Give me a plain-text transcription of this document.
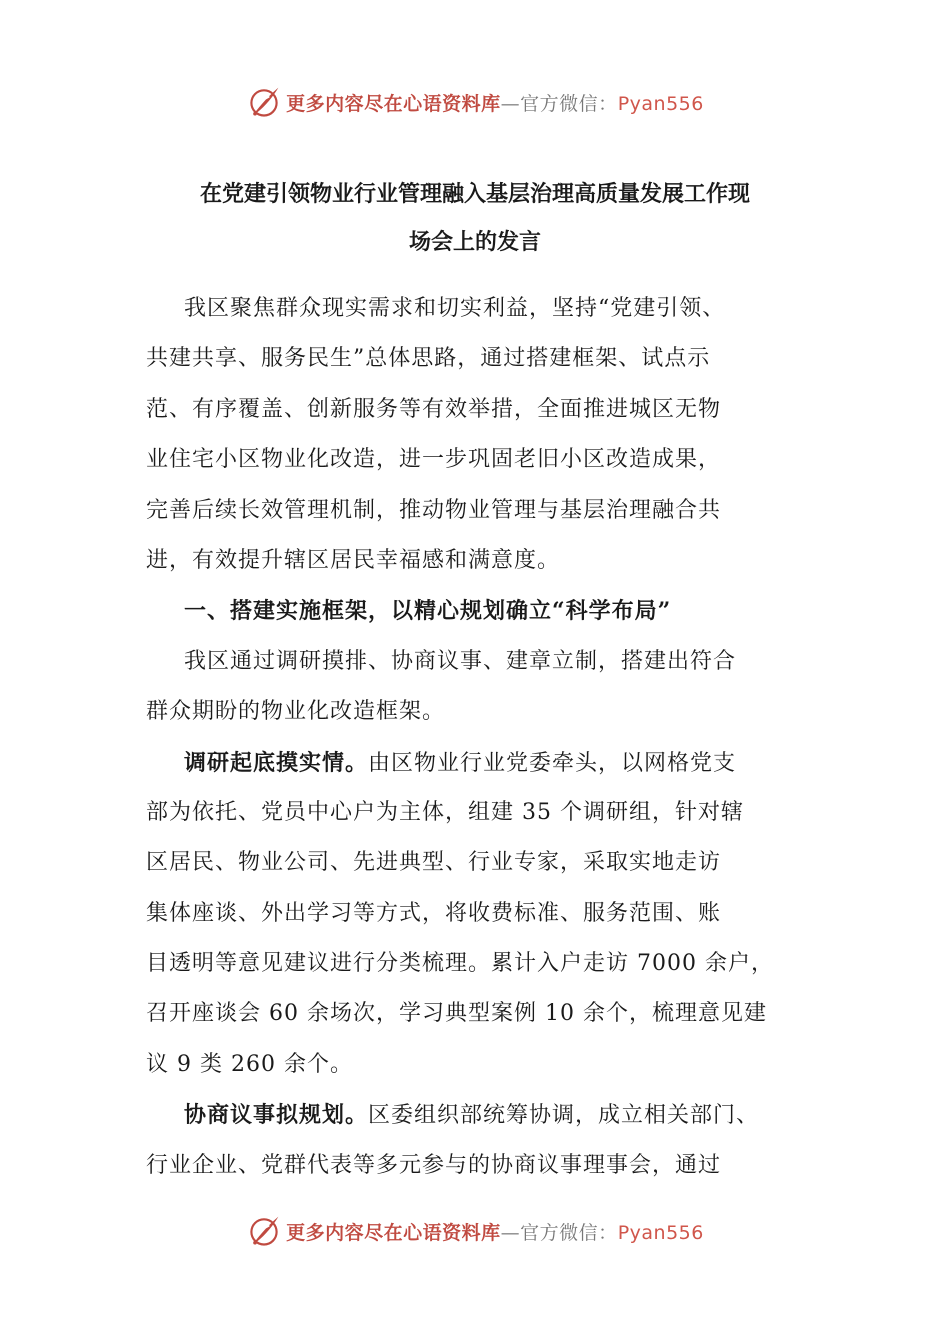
更多内容尽在心语资料库—官方微信：Pyan556
在党建引领物业行业管理融入基层治理高质量发展工作现
场会上的发言
我区聚焦群众现实需求和切实利益，坚持“党建引领、
共建共享、服务民生”总体思路，通过搭建框架、试点示
范、有序覆盖、创新服务等有效举措，全面推进城区无物
业住宅小区物业化改造，进一步巩固老旧小区改造成果，
完善后续长效管理机制，推动物业管理与基层治理融合共
进，有效提升辖区居民幸福感和满意度。
一、搭建实施框架，以精心规划确立“科学布局”
我区通过调研摸排、协商议事、建章立制，搭建出符合
群众期盼的物业化改造框架。
调研起底摸实情。由区物业行业党委牵头，以网格党支
部为依托、党员中心户为主体，组建 35 个调研组，针对辖
区居民、物业公司、先进典型、行业专家，采取实地走访
集体座谈、外出学习等方式，将收费标准、服务范围、账
目透明等意见建议进行分类梳理。累计入户走访 7000 余户，
召开座谈会 60 余场次，学习典型案例 10 余个，梳理意见建
议 9 类 260 余个。
协商议事拟规划。区委组织部统筹协调，成立相关部门、
行业企业、党群代表等多元参与的协商议事理事会，通过
更多内容尽在心语资料库—官方微信：Pyan556
